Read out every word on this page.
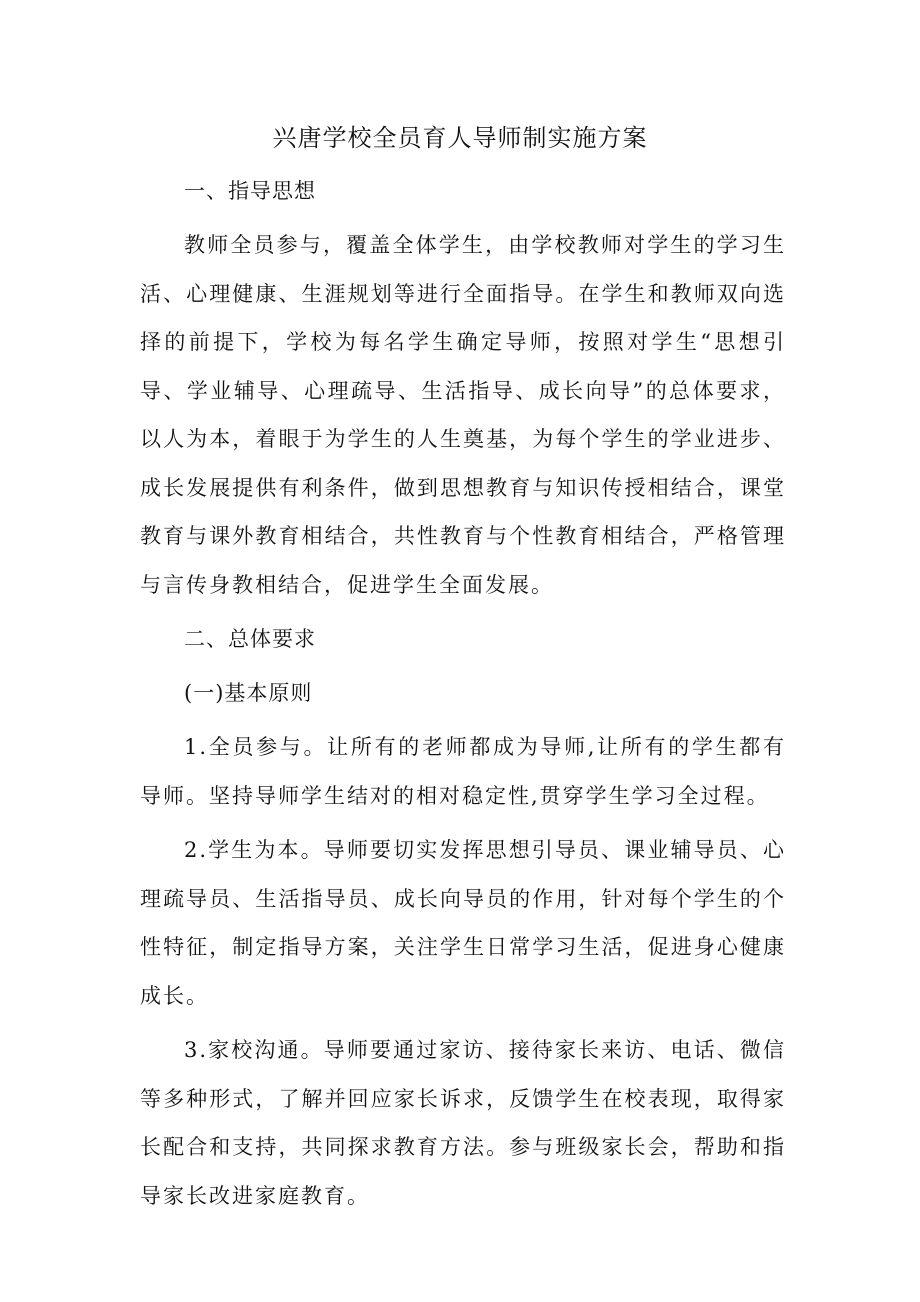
兴唐学校全员育人导师制实施方案

一、指导思想

教师全员参与，覆盖全体学生，由学校教师对学生的学习生活、心理健康、生涯规划等进行全面指导。在学生和教师双向选择的前提下，学校为每名学生确定导师，按照对学生“思想引导、学业辅导、心理疏导、生活指导、成长向导”的总体要求，以人为本，着眼于为学生的人生奠基，为每个学生的学业进步、成长发展提供有利条件，做到思想教育与知识传授相结合，课堂教育与课外教育相结合，共性教育与个性教育相结合，严格管理与言传身教相结合，促进学生全面发展。

二、总体要求

(一)基本原则

1.全员参与。让所有的老师都成为导师,让所有的学生都有导师。坚持导师学生结对的相对稳定性,贯穿学生学习全过程。

2.学生为本。导师要切实发挥思想引导员、课业辅导员、心理疏导员、生活指导员、成长向导员的作用，针对每个学生的个性特征，制定指导方案，关注学生日常学习生活，促进身心健康成长。

3.家校沟通。导师要通过家访、接待家长来访、电话、微信等多种形式，了解并回应家长诉求，反馈学生在校表现，取得家长配合和支持，共同探求教育方法。参与班级家长会，帮助和指导家长改进家庭教育。
